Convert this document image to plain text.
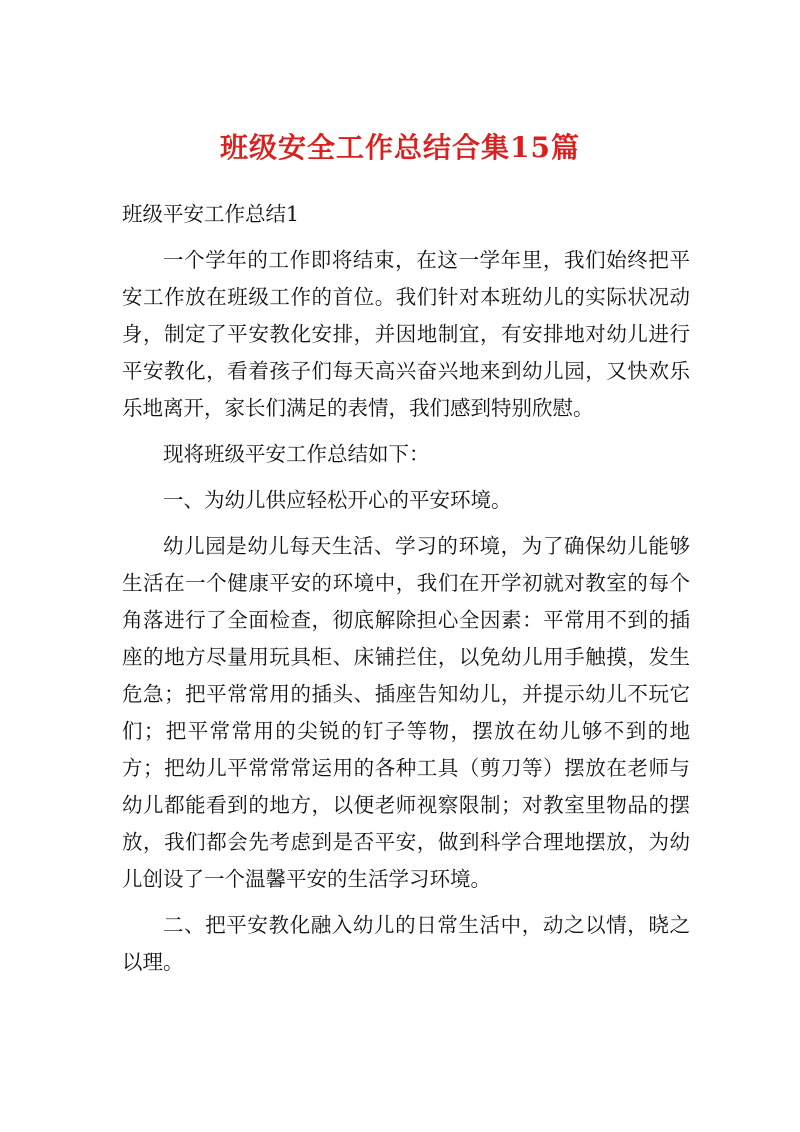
班级安全工作总结合集15篇

班级平安工作总结1

一个学年的工作即将结束，在这一学年里，我们始终把平安工作放在班级工作的首位。我们针对本班幼儿的实际状况动身，制定了平安教化安排，并因地制宜，有安排地对幼儿进行平安教化，看着孩子们每天高兴奋兴地来到幼儿园，又快欢乐乐地离开，家长们满足的表情，我们感到特别欣慰。

现将班级平安工作总结如下：

一、为幼儿供应轻松开心的平安环境。

幼儿园是幼儿每天生活、学习的环境，为了确保幼儿能够生活在一个健康平安的环境中，我们在开学初就对教室的每个角落进行了全面检查，彻底解除担心全因素：平常用不到的插座的地方尽量用玩具柜、床铺拦住，以免幼儿用手触摸，发生危急；把平常常用的插头、插座告知幼儿，并提示幼儿不玩它们；把平常常用的尖锐的钉子等物，摆放在幼儿够不到的地方；把幼儿平常常常运用的各种工具（剪刀等）摆放在老师与幼儿都能看到的地方，以便老师视察限制；对教室里物品的摆放，我们都会先考虑到是否平安，做到科学合理地摆放，为幼儿创设了一个温馨平安的生活学习环境。

二、把平安教化融入幼儿的日常生活中，动之以情，晓之以理。
